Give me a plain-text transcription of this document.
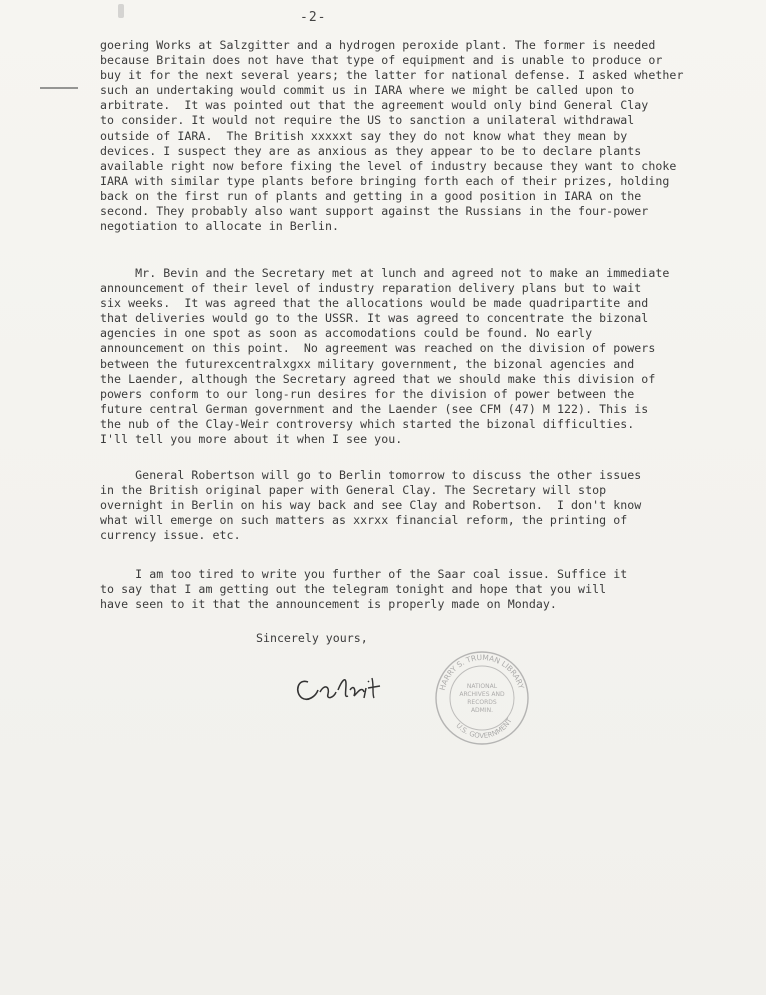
-2-
goering Works at Salzgitter and a hydrogen peroxide plant. The former is needed
because Britain does not have that type of equipment and is unable to produce or
buy it for the next several years; the latter for national defense. I asked whether
such an undertaking would commit us in IARA where we might be called upon to
arbitrate.  It was pointed out that the agreement would only bind General Clay
to consider. It would not require the US to sanction a unilateral withdrawal
outside of IARA.  The British xxxxxt say they do not know what they mean by
devices. I suspect they are as anxious as they appear to be to declare plants
available right now before fixing the level of industry because they want to choke
IARA with similar type plants before bringing forth each of their prizes, holding
back on the first run of plants and getting in a good position in IARA on the
second. They probably also want support against the Russians in the four-power
negotiation to allocate in Berlin.
Mr. Bevin and the Secretary met at lunch and agreed not to make an immediate
announcement of their level of industry reparation delivery plans but to wait
six weeks.  It was agreed that the allocations would be made quadripartite and
that deliveries would go to the USSR. It was agreed to concentrate the bizonal
agencies in one spot as soon as accomodations could be found. No early
announcement on this point.  No agreement was reached on the division of powers
between the futurexcentralxgxx military government, the bizonal agencies and
the Laender, although the Secretary agreed that we should make this division of
powers conform to our long-run desires for the division of power between the
future central German government and the Laender (see CFM (47) M 122). This is
the nub of the Clay-Weir controversy which started the bizonal difficulties.
I'll tell you more about it when I see you.
General Robertson will go to Berlin tomorrow to discuss the other issues
in the British original paper with General Clay. The Secretary will stop
overnight in Berlin on his way back and see Clay and Robertson.  I don't know
what will emerge on such matters as xxrxx financial reform, the printing of
currency issue. etc.
I am too tired to write you further of the Saar coal issue. Suffice it
to say that I am getting out the telegram tonight and hope that you will
have seen to it that the announcement is properly made on Monday.
Sincerely yours,
HARRY S. TRUMAN LIBRARY
U.S. GOVERNMENT
NATIONAL
ARCHIVES AND
RECORDS
ADMIN.
